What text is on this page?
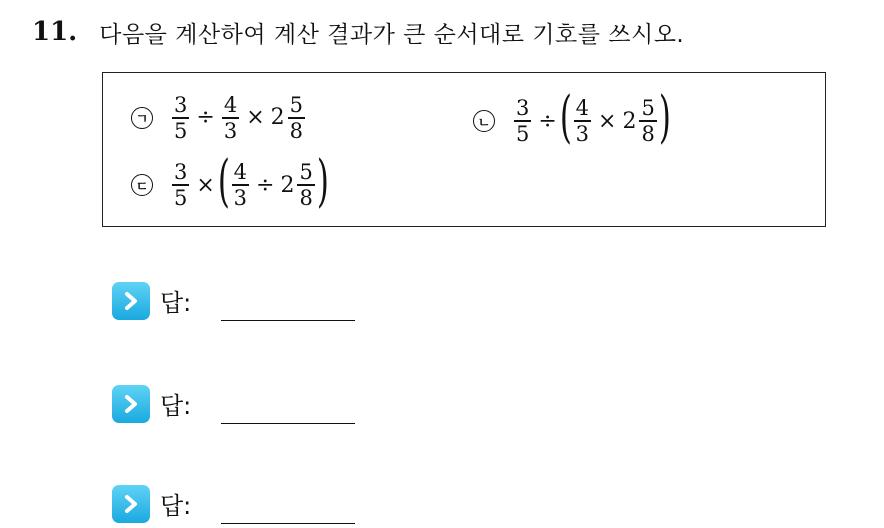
11. 다음을 계산하여 계산 결과가 큰 순서대로 기호를 쓰시오.
ㄱ $\frac{3}{5} \div \frac{4}{3} \times 2 \frac{5}{8}$	ㄴ $\frac{3}{5}$ ÷ ( $\frac{4}{3} \times 2 \frac{5}{8}$ )
ㄷ $\frac{3}{5}$ × ( $\frac{4}{3} \div 2 \frac{5}{8}$ )
답:
답:
답:
